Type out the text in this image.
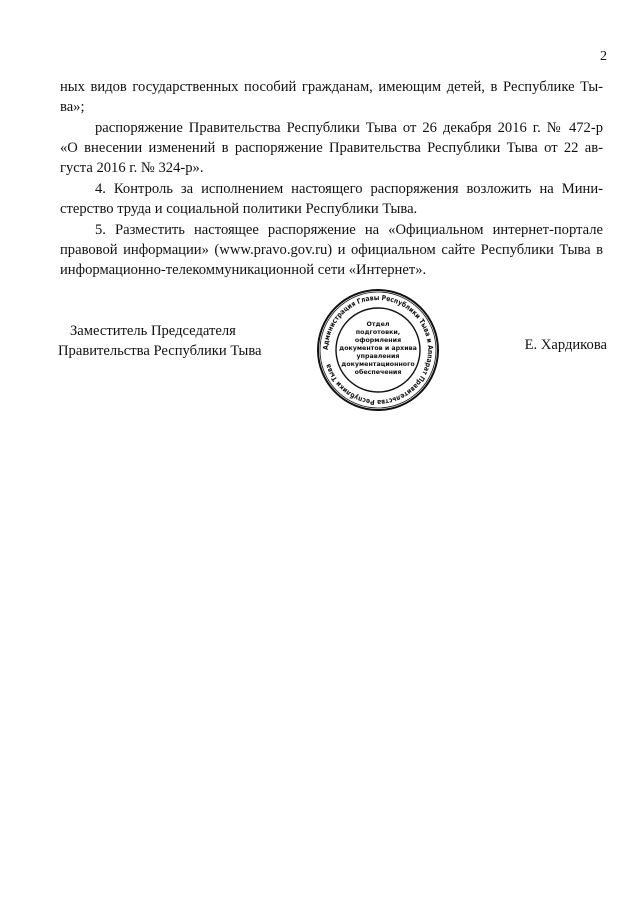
2
ных видов государственных пособий гражданам, имеющим детей, в Республике Ты-
ва»;
распоряжение Правительства Республики Тыва от 26 декабря 2016 г. № 472-р
«О внесении изменений в распоряжение Правительства Республики Тыва от 22 ав-
густа 2016 г. № 324-р».
4. Контроль за исполнением настоящего распоряжения возложить на Мини-
стерство труда и социальной политики Республики Тыва.
5. Разместить настоящее распоряжение на «Официальном интернет-портале
правовой информации» (www.pravo.gov.ru) и официальном сайте Республики Тыва в
информационно-телекоммуникационной сети «Интернет».
Заместитель Председателя
Правительства Республики Тыва	Е. Хардикова
Администрация Главы Республики Тыва и Аппарат Правительства Республики Тыва
Отдел
подготовки,
оформления
документов и архива
управления
документационного
обеспечения
